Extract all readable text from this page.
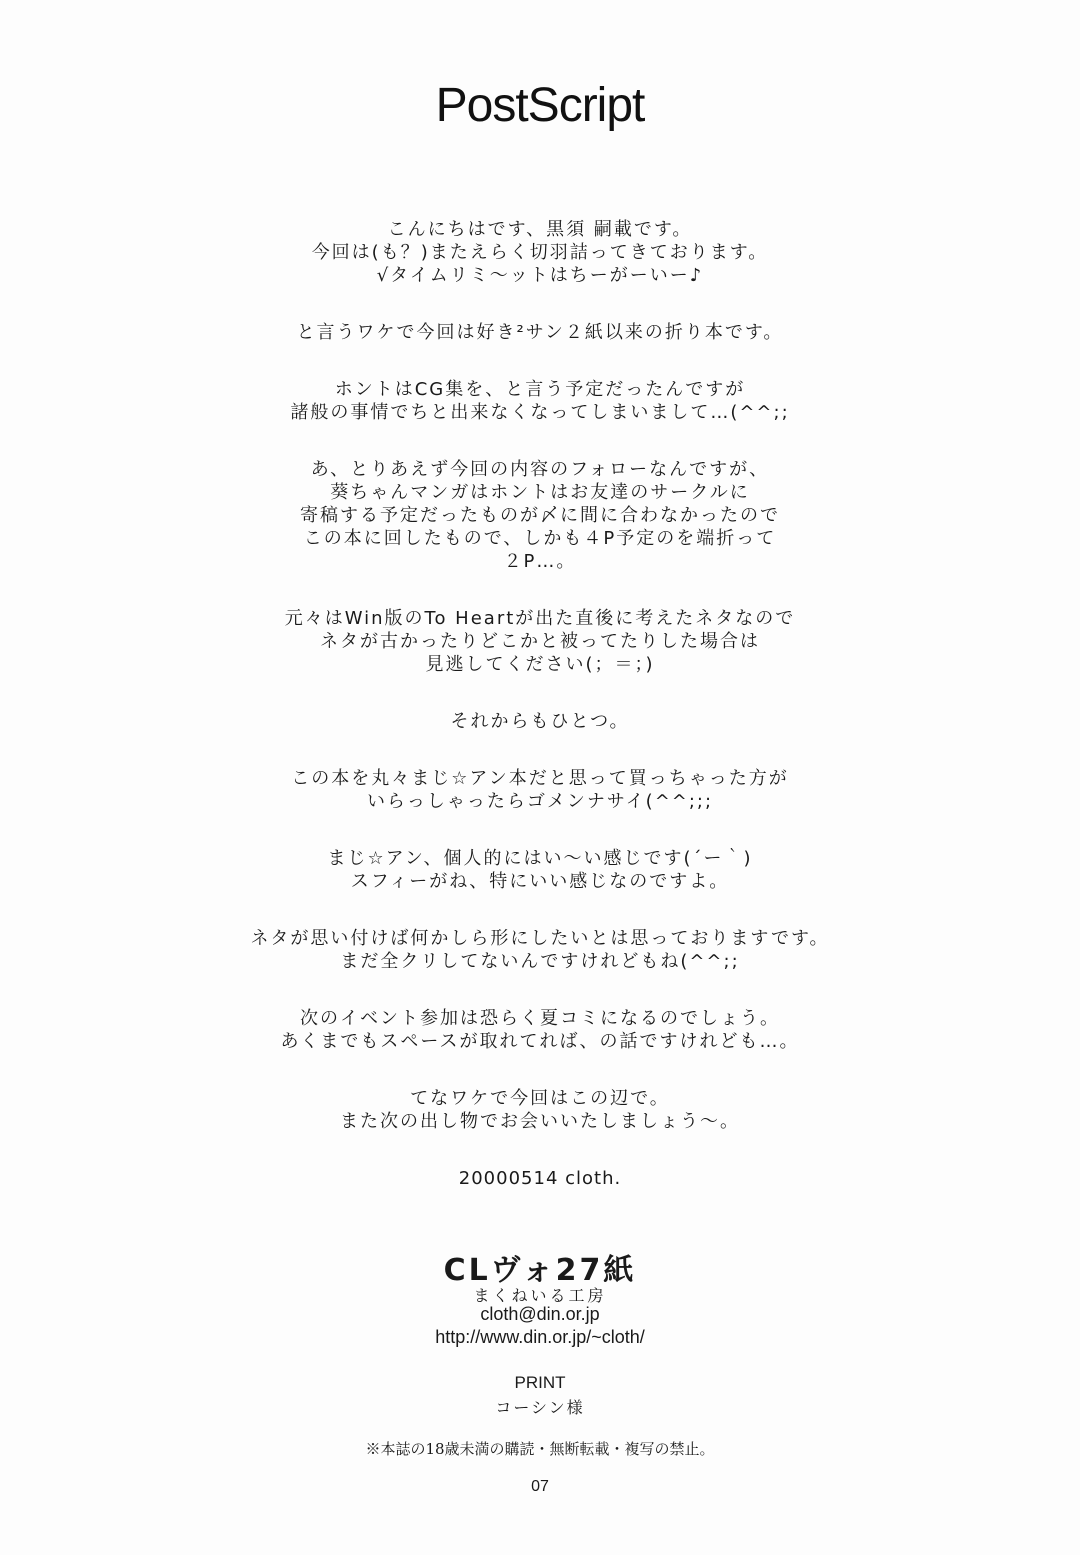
PostScript
こんにちはです、黒須 嗣載です。
今回は(も？)またえらく切羽詰ってきております。
√タイムリミ～ットはちーがーいー♪
と言うワケで今回は好き²サン２紙以来の折り本です。
ホントはCG集を、と言う予定だったんですが
諸般の事情でちと出来なくなってしまいまして…(^^;;
あ、とりあえず今回の内容のフォローなんですが、
葵ちゃんマンガはホントはお友達のサークルに
寄稿する予定だったものが〆に間に合わなかったので
この本に回したもので、しかも４P予定のを端折って
２P…。
元々はWin版のTo Heartが出た直後に考えたネタなので
ネタが古かったりどこかと被ってたりした場合は
見逃してください(；＝；)
それからもひとつ。
この本を丸々まじ☆アン本だと思って買っちゃった方が
いらっしゃったらゴメンナサイ(^^;;;
まじ☆アン、個人的にはい～い感じです(´ー｀)
スフィーがね、特にいい感じなのですよ。
ネタが思い付けば何かしら形にしたいとは思っておりますです。
まだ全クリしてないんですけれどもね(^^;;
次のイベント参加は恐らく夏コミになるのでしょう。
あくまでもスペースが取れてれば、の話ですけれども…。
てなワケで今回はこの辺で。
また次の出し物でお会いいたしましょう～。
20000514 cloth.
CLヴォ27紙
まくねいる工房
cloth@din.or.jp
http://www.din.or.jp/~cloth/
PRINT
コーシン様
※本誌の18歳未満の購読・無断転載・複写の禁止。
07
